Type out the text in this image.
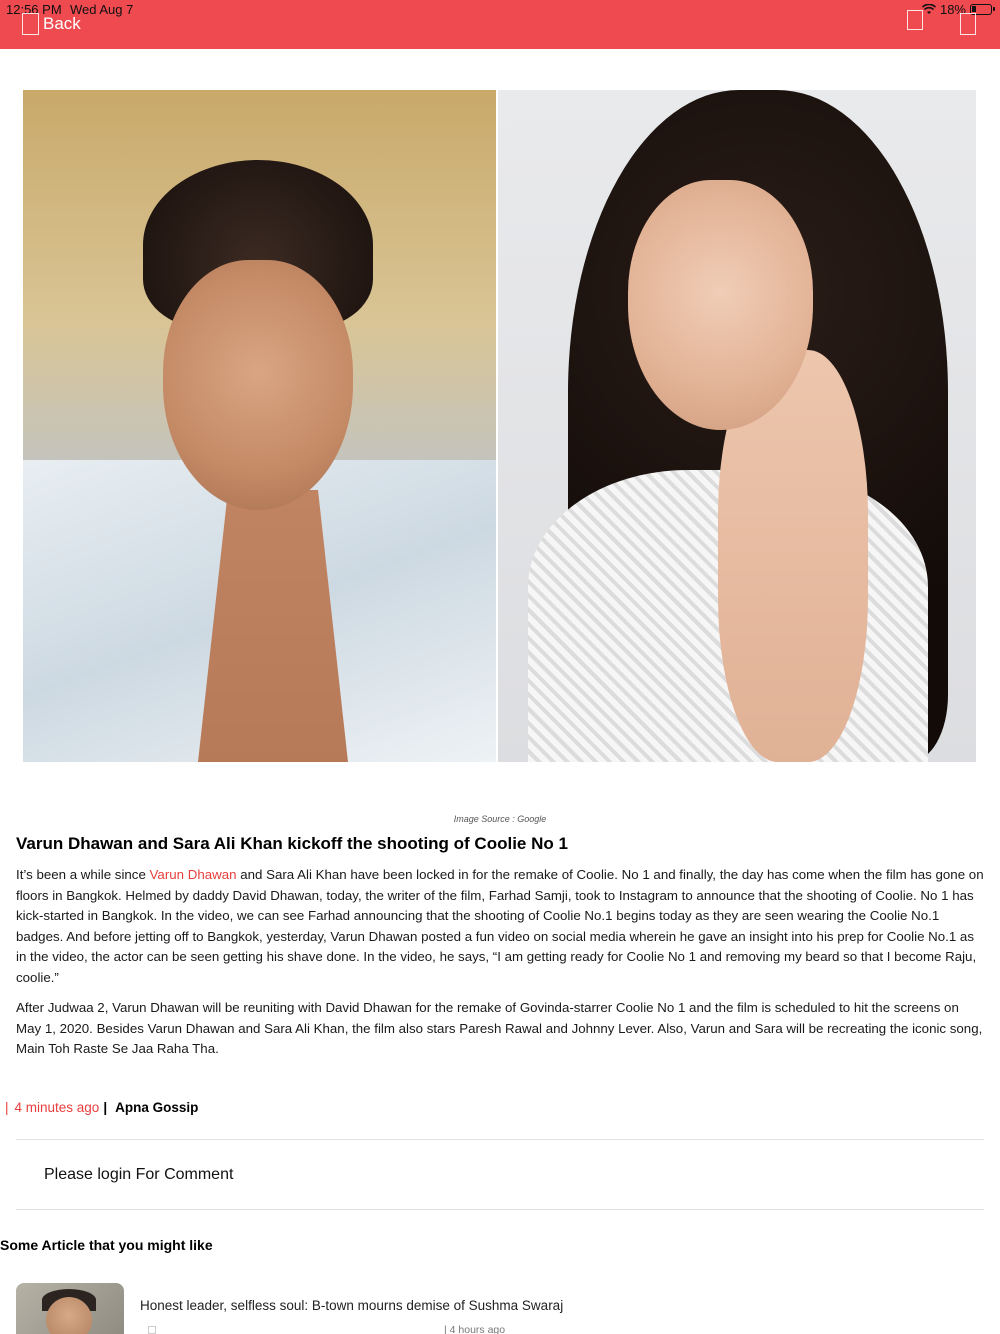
12:56 PM Wed Aug 7	18%
Back
Image Source : Google
Varun Dhawan and Sara Ali Khan kickoff the shooting of Coolie No 1

It’s been a while since Varun Dhawan and Sara Ali Khan have been locked in for the remake of Coolie. No 1 and finally, the day has come when the film has gone on floors in Bangkok. Helmed by daddy David Dhawan, today, the writer of the film, Farhad Samji, took to Instagram to announce that the shooting of Coolie. No 1 has kick-started in Bangkok. In the video, we can see Farhad announcing that the shooting of Coolie No.1 begins today as they are seen wearing the Coolie No.1 badges. And before jetting off to Bangkok, yesterday, Varun Dhawan posted a fun video on social media wherein he gave an insight into his prep for Coolie No.1 as in the video, the actor can be seen getting his shave done. In the video, he says, “I am getting ready for Coolie No 1 and removing my beard so that I become Raju, coolie.”

After Judwaa 2, Varun Dhawan will be reuniting with David Dhawan for the remake of Govinda-starrer Coolie No 1 and the film is scheduled to hit the screens on May 1, 2020. Besides Varun Dhawan and Sara Ali Khan, the film also stars Paresh Rawal and Johnny Lever. Also, Varun and Sara will be recreating the iconic song, Main Toh Raste Se Jaa Raha Tha.

| 4 minutes ago | Apna Gossip
Please login For Comment
Some Article that you might like
Honest leader, selfless soul: B-town mourns demise of Sushma Swaraj
| 4 hours ago
